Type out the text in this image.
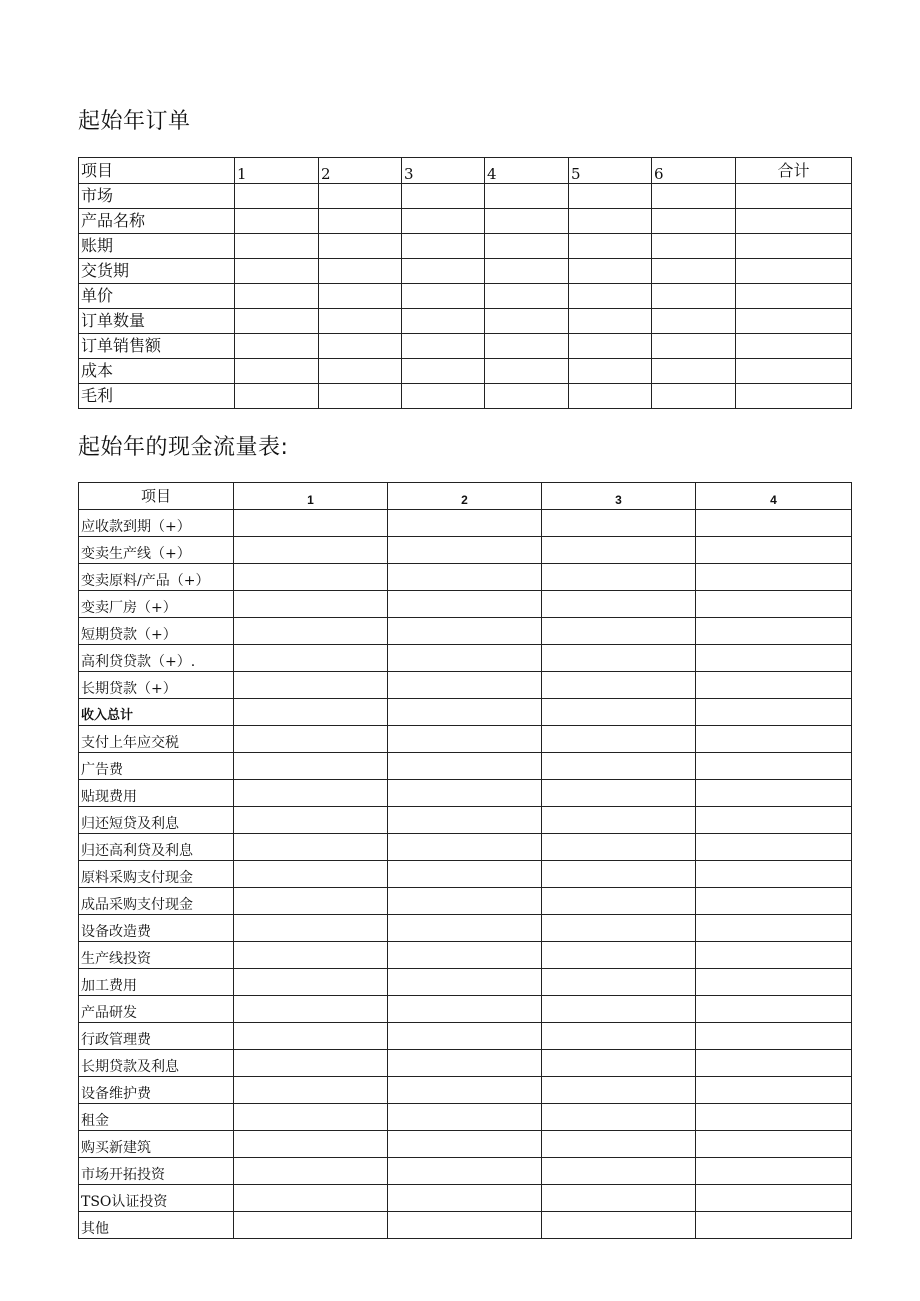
起始年订单
项目	1	2	3	4	5	6	合计
市场							
产品名称							
账期							
交货期							
单价							
订单数量							
订单销售额							
成本							
毛利							
起始年的现金流量表:
项目	1	2	3	4
应收款到期（+）				
变卖生产线（+）				
变卖原料/产品（+）				
变卖厂房（+）				
短期贷款（+）				
高利贷贷款（+）.				
长期贷款（+）				
收入总计				
支付上年应交税				
广告费				
贴现费用				
归还短贷及利息				
归还高利贷及利息				
原料采购支付现金				
成品采购支付现金				
设备改造费				
生产线投资				
加工费用				
产品研发				
行政管理费				
长期贷款及利息				
设备维护费				
租金				
购买新建筑				
市场开拓投资				
TSO认证投资				
其他				
